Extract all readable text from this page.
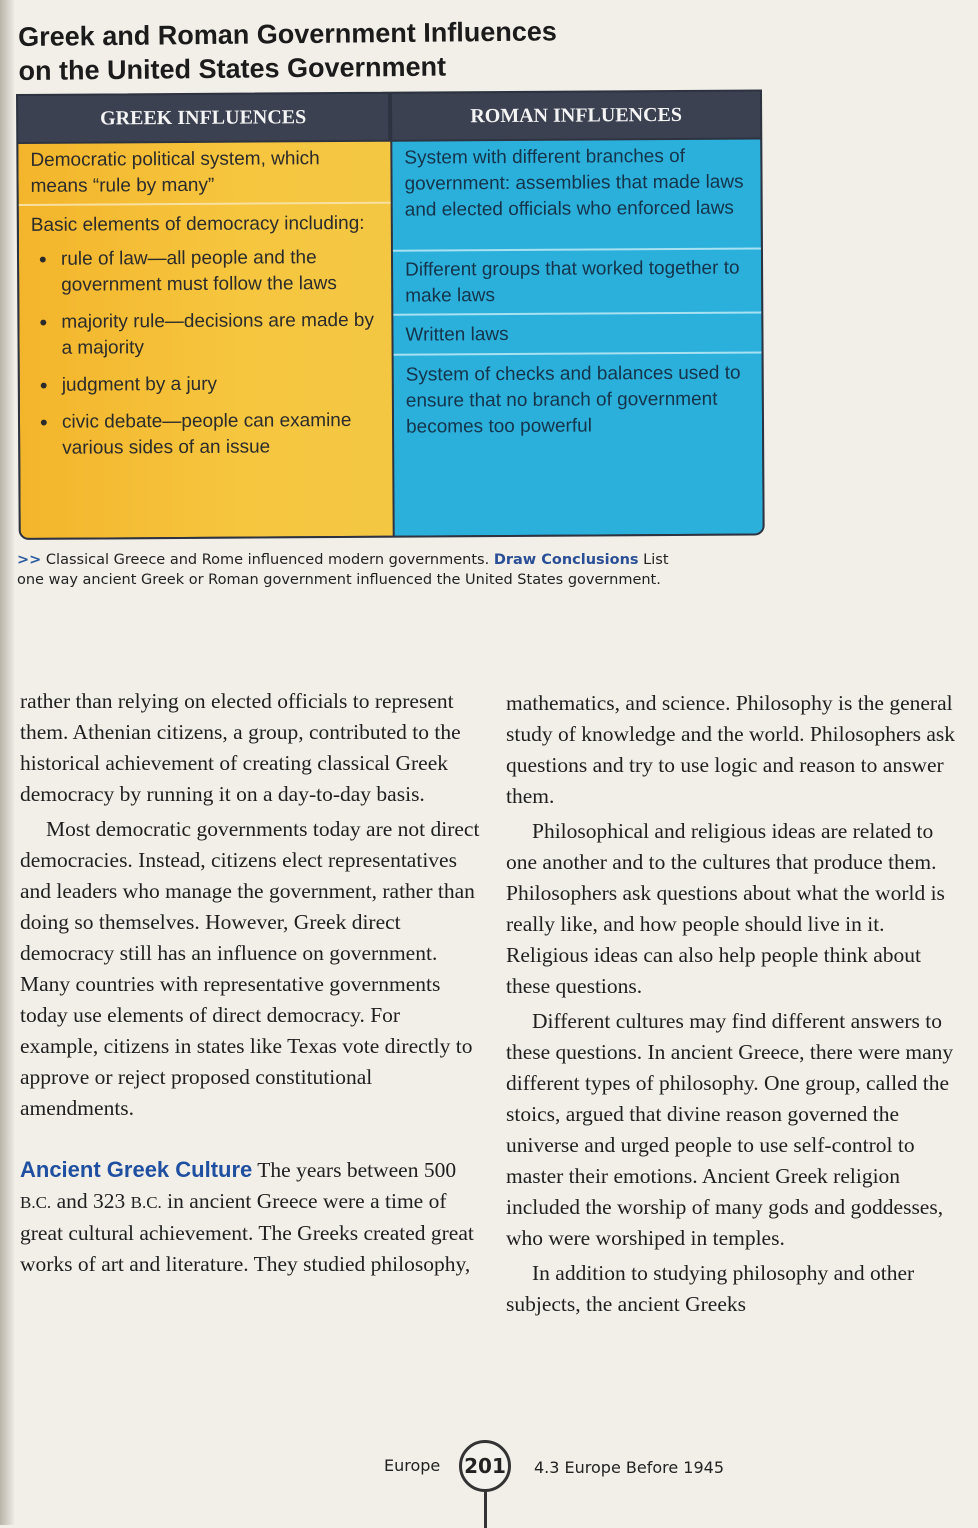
Greek and Roman Government Influences
on the United States Government
GREEK INFLUENCES	ROMAN INFLUENCES
Democratic political system, which means “rule by many”
Basic elements of democracy including:
• rule of law—all people and the government must follow the laws
• majority rule—decisions are made by a majority
• judgment by a jury
• civic debate—people can examine various sides of an issue
System with different branches of government: assemblies that made laws and elected officials who enforced laws
Different groups that worked together to make laws
Written laws
System of checks and balances used to ensure that no branch of government becomes too powerful
>> Classical Greece and Rome influenced modern governments. Draw Conclusions List one way ancient Greek or Roman government influenced the United States government.

rather than relying on elected officials to represent them. Athenian citizens, a group, contributed to the historical achievement of creating classical Greek democracy by running it on a day-to-day basis.

Most democratic governments today are not direct democracies. Instead, citizens elect representatives and leaders who manage the government, rather than doing so themselves. However, Greek direct democracy still has an influence on government. Many countries with representative governments today use elements of direct democracy. For example, citizens in states like Texas vote directly to approve or reject proposed constitutional amendments.

Ancient Greek Culture The years between 500 B.C. and 323 B.C. in ancient Greece were a time of great cultural achievement. The Greeks created great works of art and literature. They studied philosophy,

mathematics, and science. Philosophy is the general study of knowledge and the world. Philosophers ask questions and try to use logic and reason to answer them.

Philosophical and religious ideas are related to one another and to the cultures that produce them. Philosophers ask questions about what the world is really like, and how people should live in it. Religious ideas can also help people think about these questions.

Different cultures may find different answers to these questions. In ancient Greece, there were many different types of philosophy. One group, called the stoics, argued that divine reason governed the universe and urged people to use self-control to master their emotions. Ancient Greek religion included the worship of many gods and goddesses, who were worshiped in temples.

In addition to studying philosophy and other subjects, the ancient Greeks

Europe 201	4.3 Europe Before 1945
